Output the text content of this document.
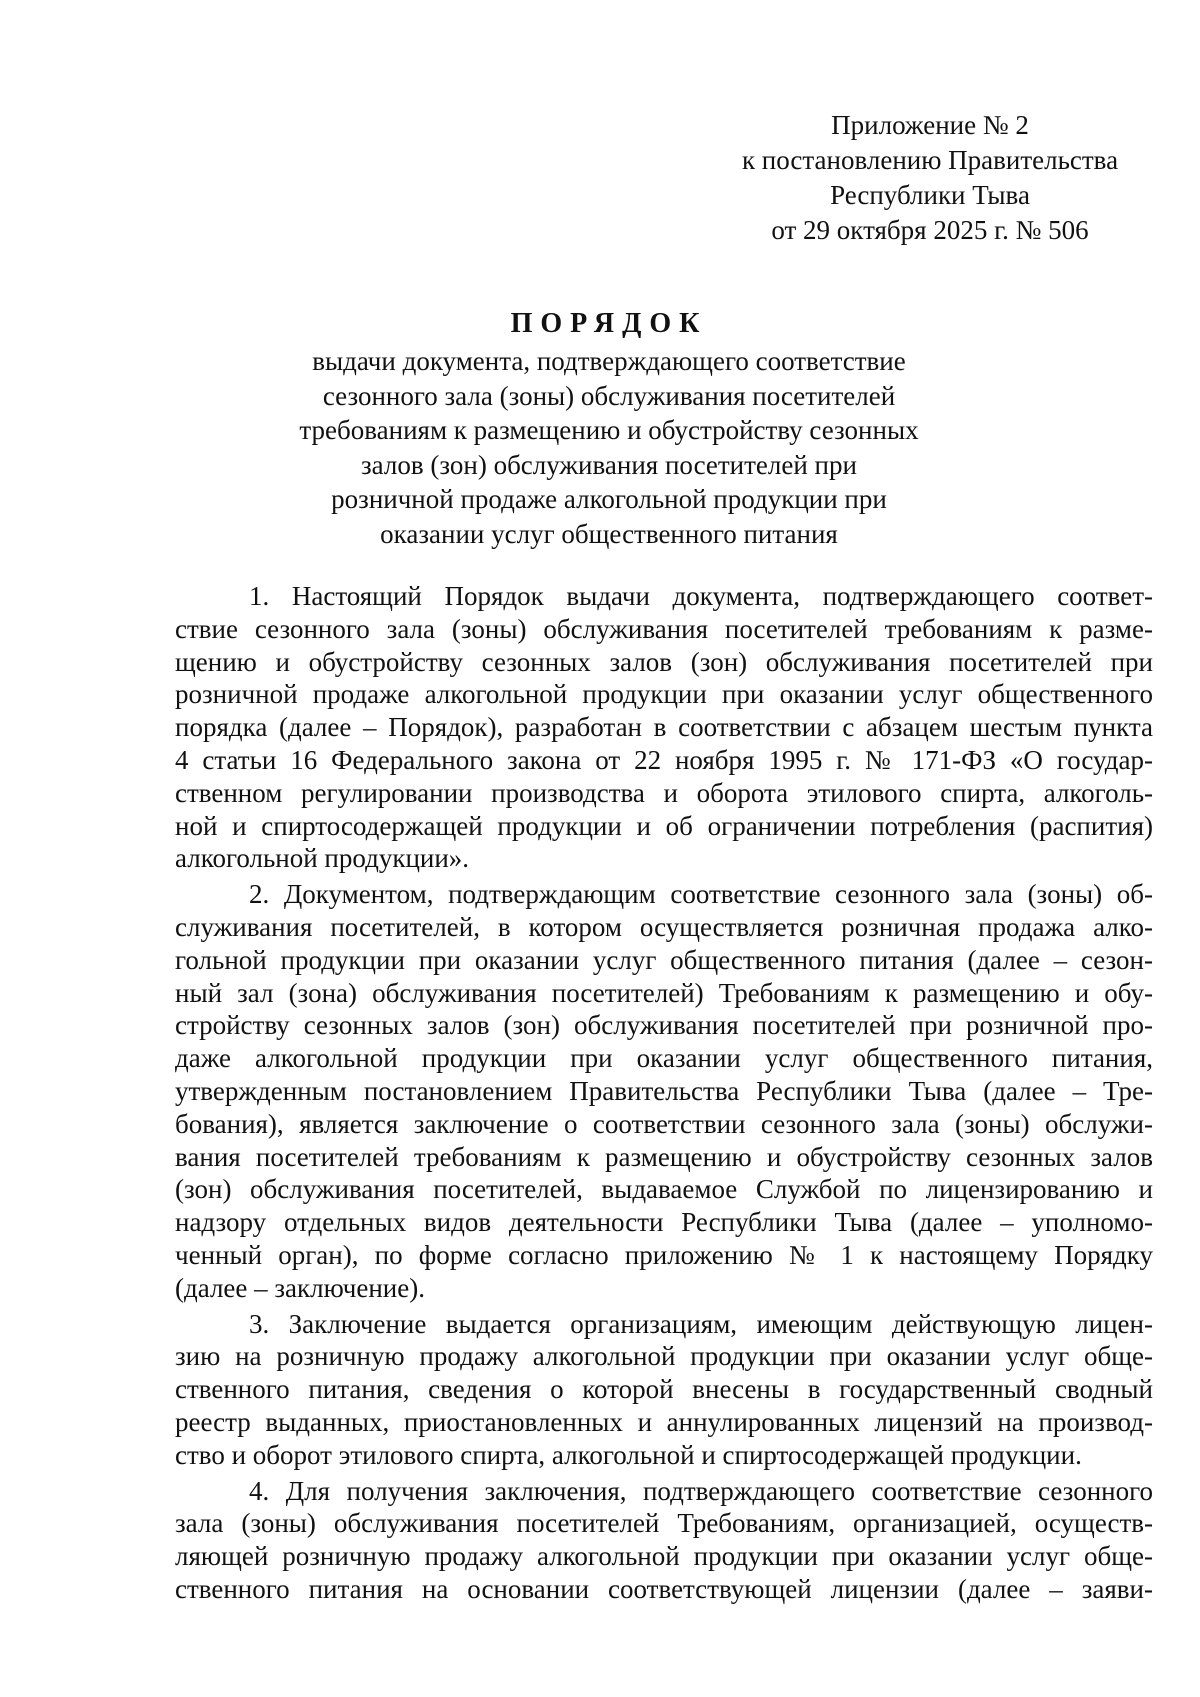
Приложение № 2
к постановлению Правительства
Республики Тыва
от 29 октября 2025 г. № 506
ПОРЯДОК
выдачи документа, подтверждающего соответствие
сезонного зала (зоны) обслуживания посетителей
требованиям к размещению и обустройству сезонных
залов (зон) обслуживания посетителей при
розничной продаже алкогольной продукции при
оказании услуг общественного питания
1. Настоящий Порядок выдачи документа, подтверждающего соответ-
ствие сезонного зала (зоны) обслуживания посетителей требованиям к разме-
щению и обустройству сезонных залов (зон) обслуживания посетителей при
розничной продаже алкогольной продукции при оказании услуг общественного
порядка (далее – Порядок), разработан в соответствии с абзацем шестым пункта
4 статьи 16 Федерального закона от 22 ноября 1995 г. № 171-ФЗ «О государ-
ственном регулировании производства и оборота этилового спирта, алкоголь-
ной и спиртосодержащей продукции и об ограничении потребления (распития)
алкогольной продукции».
2. Документом, подтверждающим соответствие сезонного зала (зоны) об-
служивания посетителей, в котором осуществляется розничная продажа алко-
гольной продукции при оказании услуг общественного питания (далее – сезон-
ный зал (зона) обслуживания посетителей) Требованиям к размещению и обу-
стройству сезонных залов (зон) обслуживания посетителей при розничной про-
даже алкогольной продукции при оказании услуг общественного питания,
утвержденным постановлением Правительства Республики Тыва (далее – Тре-
бования), является заключение о соответствии сезонного зала (зоны) обслужи-
вания посетителей требованиям к размещению и обустройству сезонных залов
(зон) обслуживания посетителей, выдаваемое Службой по лицензированию и
надзору отдельных видов деятельности Республики Тыва (далее – уполномо-
ченный орган), по форме согласно приложению № 1 к настоящему Порядку
(далее – заключение).
3. Заключение выдается организациям, имеющим действующую лицен-
зию на розничную продажу алкогольной продукции при оказании услуг обще-
ственного питания, сведения о которой внесены в государственный сводный
реестр выданных, приостановленных и аннулированных лицензий на производ-
ство и оборот этилового спирта, алкогольной и спиртосодержащей продукции.
4. Для получения заключения, подтверждающего соответствие сезонного
зала (зоны) обслуживания посетителей Требованиям, организацией, осуществ-
ляющей розничную продажу алкогольной продукции при оказании услуг обще-
ственного питания на основании соответствующей лицензии (далее – заяви-
